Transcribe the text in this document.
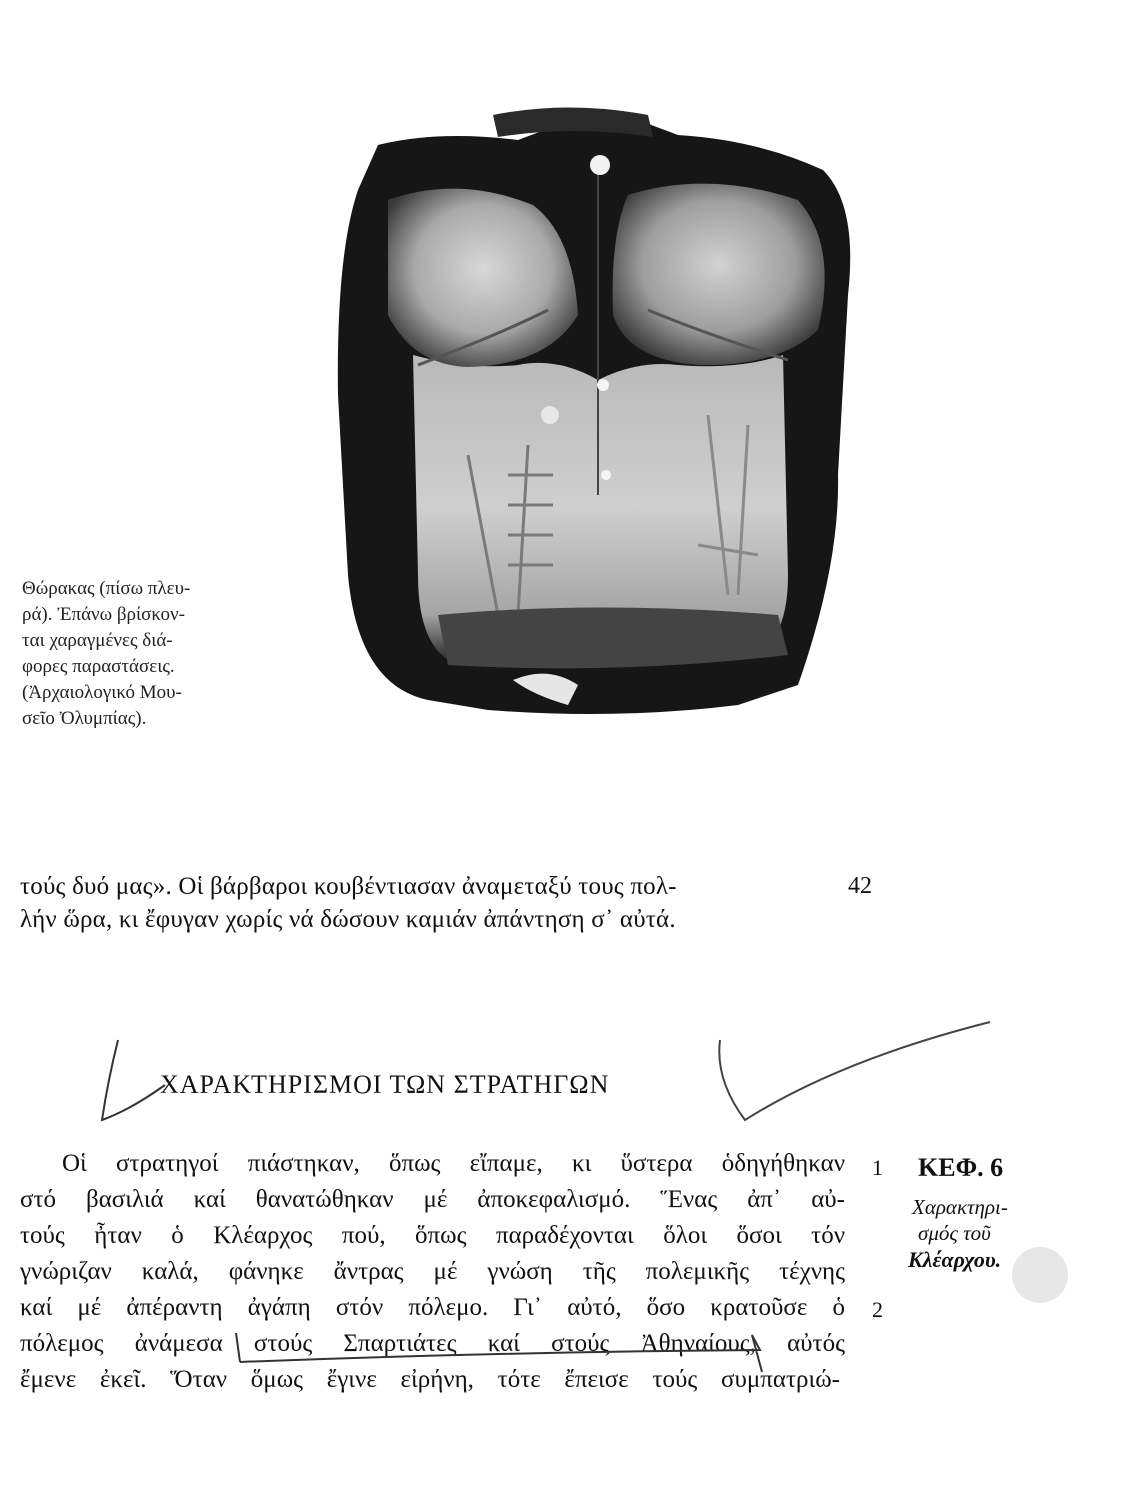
Θώρακας (πίσω πλευ-
ρά). Ἐπάνω βρίσκον-
ται χαραγμένες διά-
φορες παραστάσεις.
(Ἀρχαιολογικό Μου-
σεῖο Ὀλυμπίας).
τούς δυό μας». Οἱ βάρβαροι κουβέντιασαν ἀναμεταξύ τους πολ-
λήν ὥρα, κι ἔφυγαν χωρίς νά δώσουν καμιάν ἀπάντηση σ᾽ αὐτά.
42
ΧΑΡΑΚΤΗΡΙΣΜΟΙ ΤΩΝ ΣΤΡΑΤΗΓΩΝ
Οἱ στρατηγοί πιάστηκαν, ὅπως εἴπαμε, κι ὕστερα ὁδηγήθηκαν
στό βασιλιά καί θανατώθηκαν μέ ἀποκεφαλισμό. Ἕνας ἀπ᾽ αὐ-
τούς ἦταν ὁ Κλέαρχος πού, ὅπως παραδέχονται ὅλοι ὅσοι τόν
γνώριζαν καλά, φάνηκε ἄντρας μέ γνώση τῆς πολεμικῆς τέχνης
καί μέ ἀπέραντη ἀγάπη στόν πόλεμο. Γι᾽ αὐτό, ὅσο κρατοῦσε ὁ
πόλεμος ἀνάμεσα στούς Σπαρτιάτες καί στούς Ἀθηναίους, αὐτός
ἔμενε ἐκεῖ. Ὅταν ὅμως ἔγινε εἰρήνη, τότε ἔπεισε τούς συμπατριώ-
1
2
ΚΕΦ. 6
Χαρακτηρι-
σμός τοῦ
Κλέαρχου.
